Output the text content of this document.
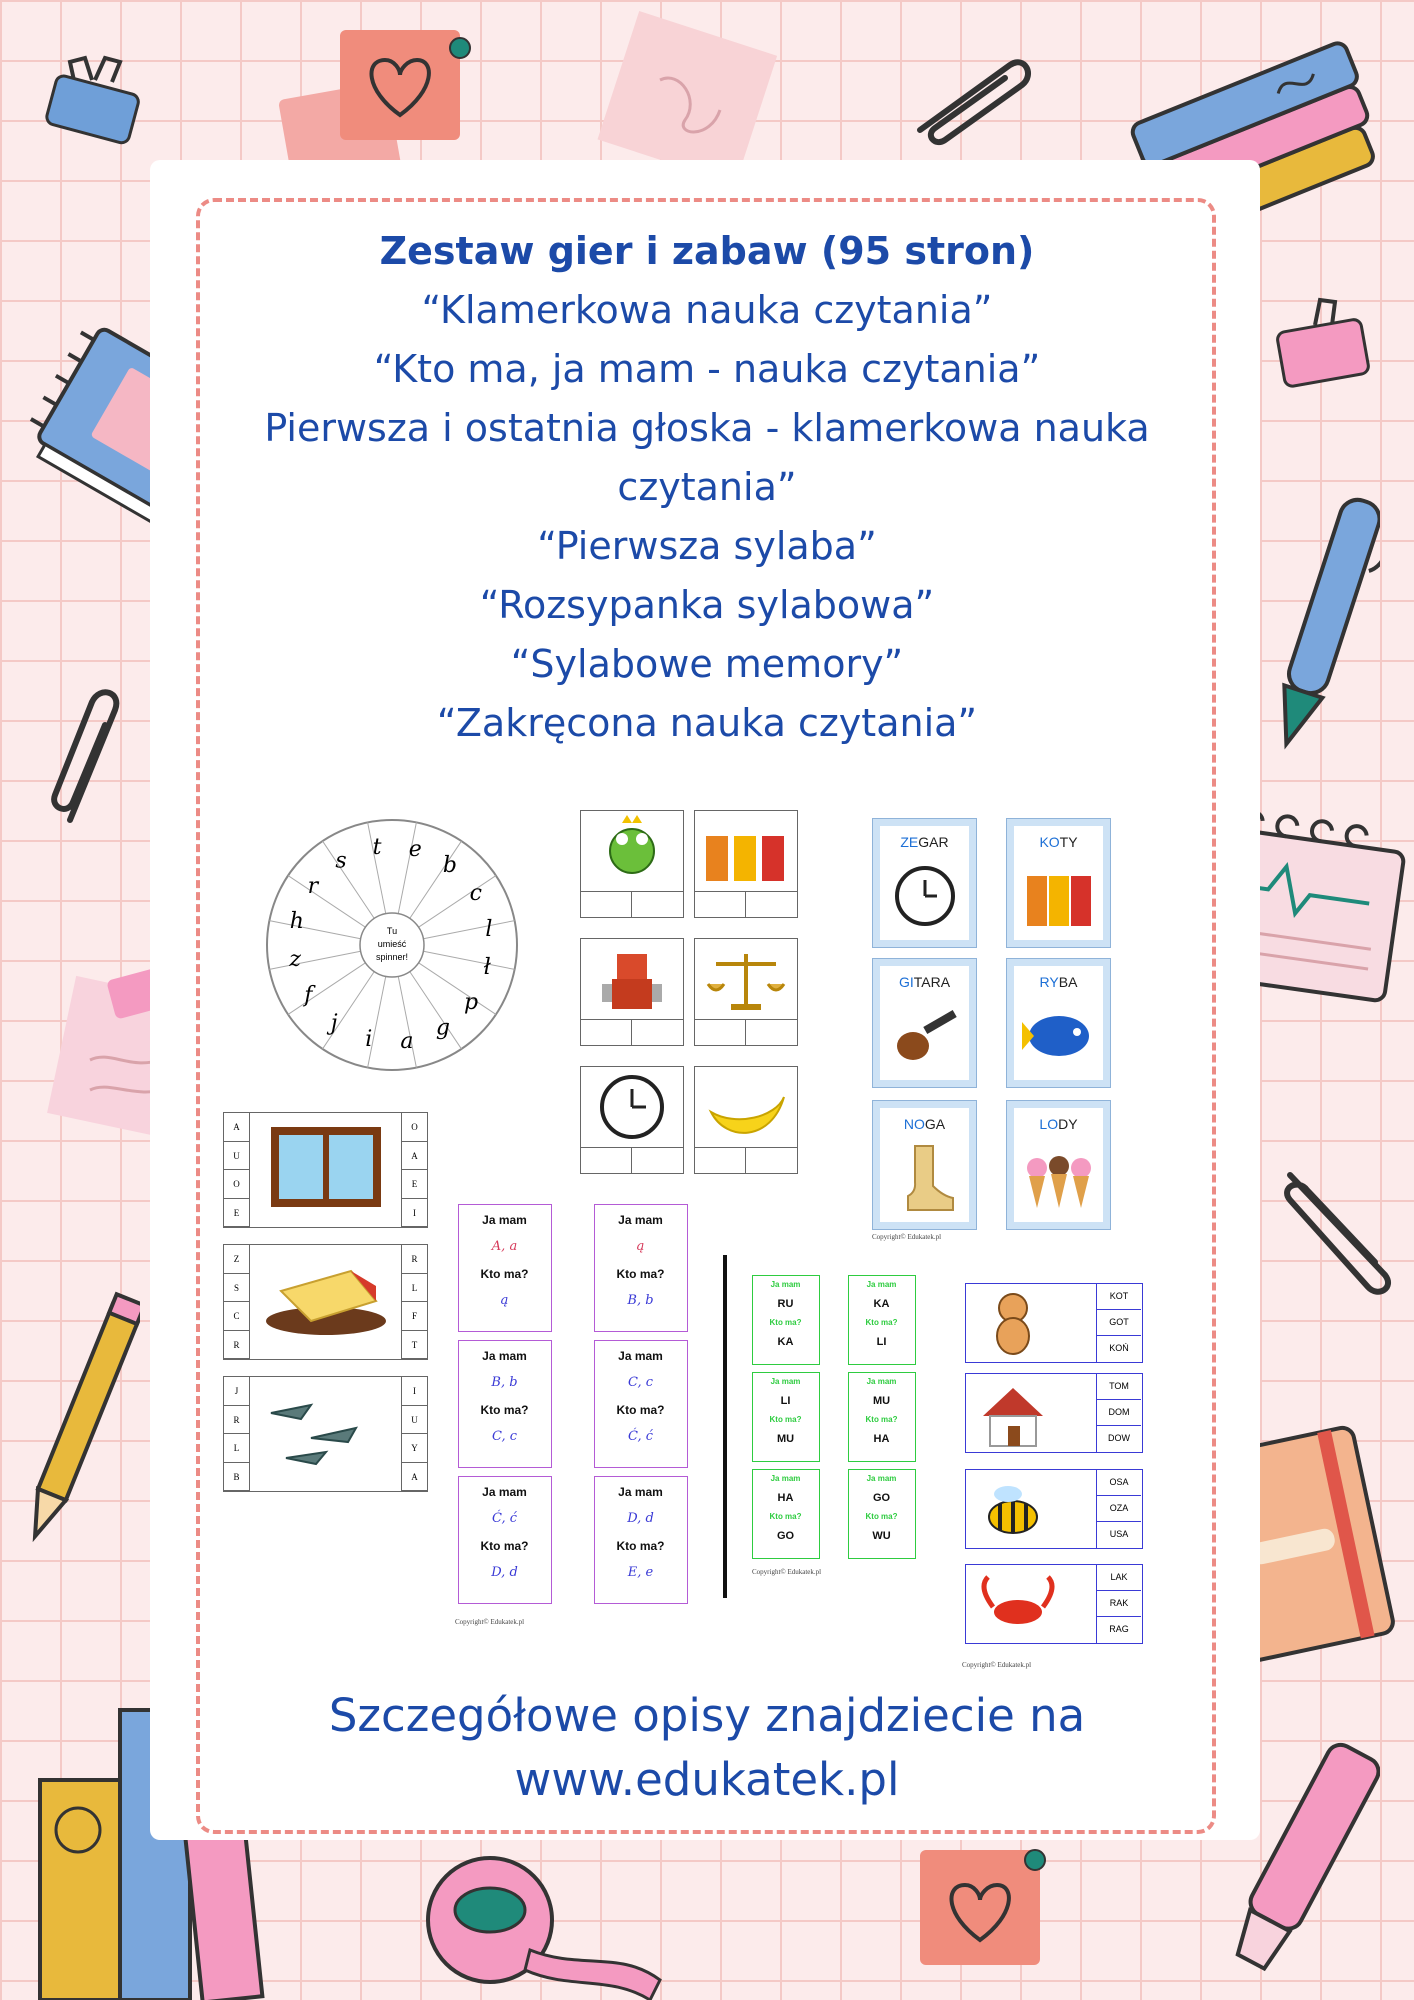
Zestaw gier i zabaw (95 stron)
“Klamerkowa nauka czytania”
“Kto ma, ja mam - nauka czytania”
Pierwsza i ostatnia głoska - klamerkowa nauka
czytania”
“Pierwsza sylaba”
“Rozsypanka sylabowa”
“Sylabowe memory”
“Zakręcona nauka czytania”
Tu
umieść
spinner!
t e
b
c
l
ł
p
g
a
i
j
f
z
h
r
s
ZEGAR	KOTY
GITARA	RYBA
NOGA	LODY
Copyright© Edukatek.pl
A
U
O
E
O
A
E
I
Z
S
C
R
R
L
F
T
J
R
L
B
I
U
Y
A
Ja mam
A, a
Kto ma?
ą
Ja mam
ą
Kto ma?
B, b
Ja mam
B, b
Kto ma?
C, c
Ja mam
C, c
Kto ma?
Ć, ć
Ja mam
Ć, ć
Kto ma?
D, d
Ja mam
D, d
Kto ma?
E, e
Copyright© Edukatek.pl
Ja mam
RU
Kto ma?
KA
Ja mam
KA
Kto ma?
LI
Ja mam
LI
Kto ma?
MU
Ja mam
MU
Kto ma?
HA
Ja mam
HA
Kto ma?
GO
Ja mam
GO
Kto ma?
WU
Copyright© Edukatek.pl
KOT
GOT
KOŃ
TOM
DOM
DOW
OSA
OZA
USA
LAK
RAK
RAG
Copyright© Edukatek.pl
Szczegółowe opisy znajdziecie na
www.edukatek.pl
